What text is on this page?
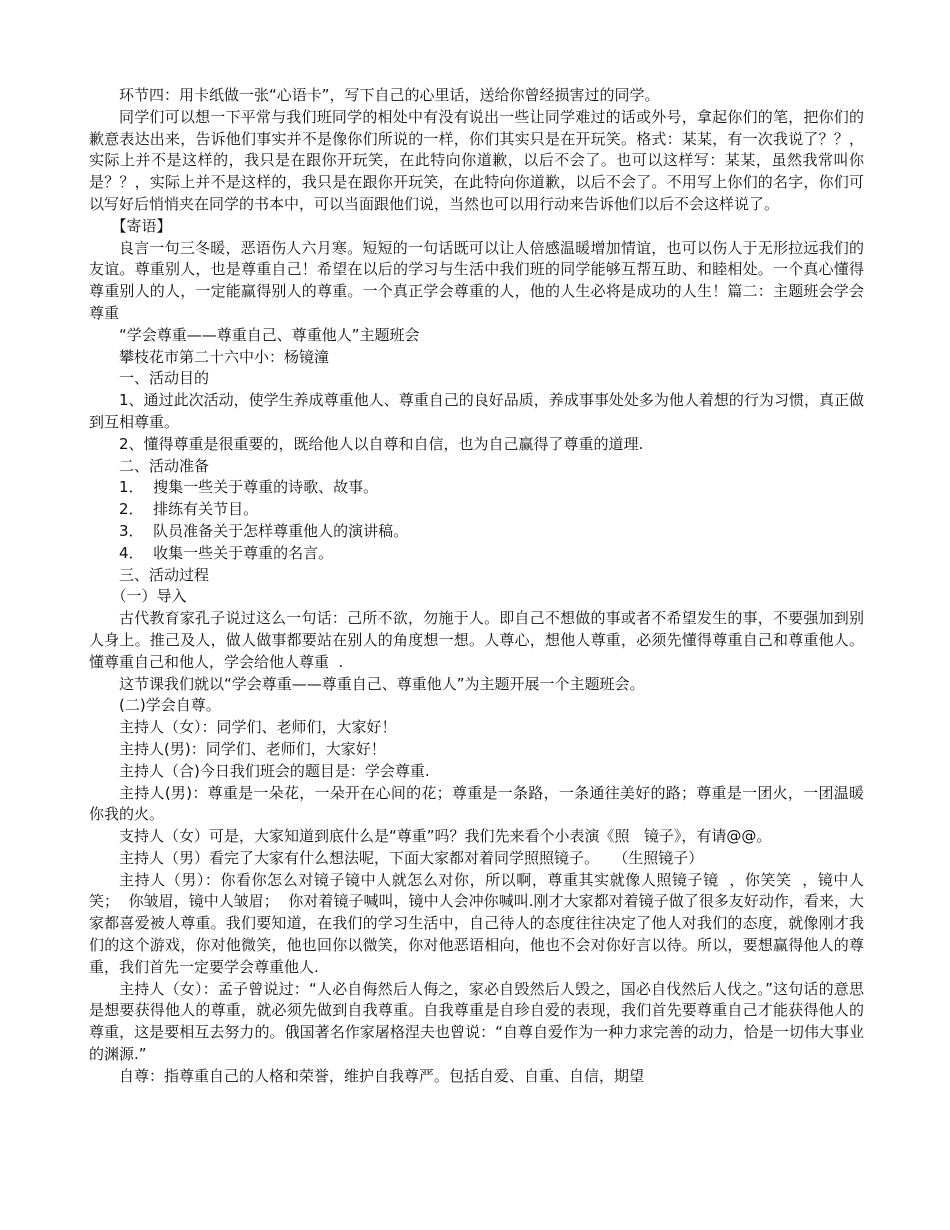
环节四：用卡纸做一张“心语卡”，写下自己的心里话，送给你曾经损害过的同学。

同学们可以想一下平常与我们班同学的相处中有没有说出一些让同学难过的话或外号，拿起你们的笔，把你们的歉意表达出来，告诉他们事实并不是像你们所说的一样，你们其实只是在开玩笑。格式：某某，有一次我说了？？，实际上并不是这样的，我只是在跟你开玩笑，在此特向你道歉，以后不会了。也可以这样写：某某，虽然我常叫你是？？，实际上并不是这样的，我只是在跟你开玩笑，在此特向你道歉，以后不会了。不用写上你们的名字，你们可以写好后悄悄夹在同学的书本中，可以当面跟他们说，当然也可以用行动来告诉他们以后不会这样说了。

【寄语】

良言一句三冬暖，恶语伤人六月寒。短短的一句话既可以让人倍感温暖增加情谊，也可以伤人于无形拉远我们的友谊。尊重别人，也是尊重自己！希望在以后的学习与生活中我们班的同学能够互帮互助、和睦相处。一个真心懂得尊重别人的人，一定能赢得别人的尊重。一个真正学会尊重的人，他的人生必将是成功的人生！篇二：主题班会学会尊重

“学会尊重——尊重自己、尊重他人”主题班会

攀枝花市第二十六中小：杨镜潼

一、活动目的

1、通过此次活动，使学生养成尊重他人、尊重自己的良好品质，养成事事处处多为他人着想的行为习惯，真正做到互相尊重。

2、懂得尊重是很重要的，既给他人以自尊和自信，也为自己赢得了尊重的道理.

二、活动准备

1．  搜集一些关于尊重的诗歌、故事。

2．  排练有关节目。

3．  队员准备关于怎样尊重他人的演讲稿。

4．  收集一些关于尊重的名言。

三、活动过程

（一）导入

古代教育家孔子说过这么一句话：己所不欲，勿施于人。即自己不想做的事或者不希望发生的事，不要强加到别人身上。推己及人，做人做事都要站在别人的角度想一想。人尊心，想他人尊重，必须先懂得尊重自己和尊重他人。  懂尊重自己和他人，学会给他人尊重  .

这节课我们就以“学会尊重——尊重自己、尊重他人”为主题开展一个主题班会。

(二)学会自尊。

主持人（女）：同学们、老师们，大家好！

主持人(男)：同学们、老师们，大家好！

主持人（合)今日我们班会的题目是：学会尊重.

主持人(男)：尊重是一朵花，一朵开在心间的花；尊重是一条路，一条通往美好的路；尊重是一团火，一团温暖你我的火。

支持人（女）可是，大家知道到底什么是“尊重”吗？我们先来看个小表演《照   镜子》，有请@@。

主持人（男）看完了大家有什么想法呢，下面大家都对着同学照照镜子。   （生照镜子）

主持人（男）：你看你怎么对镜子镜中人就怎么对你，所以啊，尊重其实就像人照镜子镜  ，你笑笑  ，镜中人笑；  你皱眉，镜中人皱眉；  你对着镜子喊叫，镜中人会冲你喊叫.刚才大家都对着镜子做了很多友好动作，看来，大家都喜爱被人尊重。我们要知道，在我们的学习生活中，自己待人的态度往往决定了他人对我们的态度，就像刚才我们的这个游戏，你对他微笑，他也回你以微笑，你对他恶语相向，他也不会对你好言以待。所以，要想赢得他人的尊重，我们首先一定要学会尊重他人.

主持人（女）：孟子曾说过：“人必自侮然后人侮之，家必自毁然后人毁之，国必自伐然后人伐之。”这句话的意思是想要获得他人的尊重，就必须先做到自我尊重。自我尊重是自珍自爱的表现，我们首先要尊重自己才能获得他人的尊重，这是要相互去努力的。俄国著名作家屠格涅夫也曾说：“自尊自爱作为一种力求完善的动力，恰是一切伟大事业的渊源.”

自尊：指尊重自己的人格和荣誉，维护自我尊严。包括自爱、自重、自信，期望
